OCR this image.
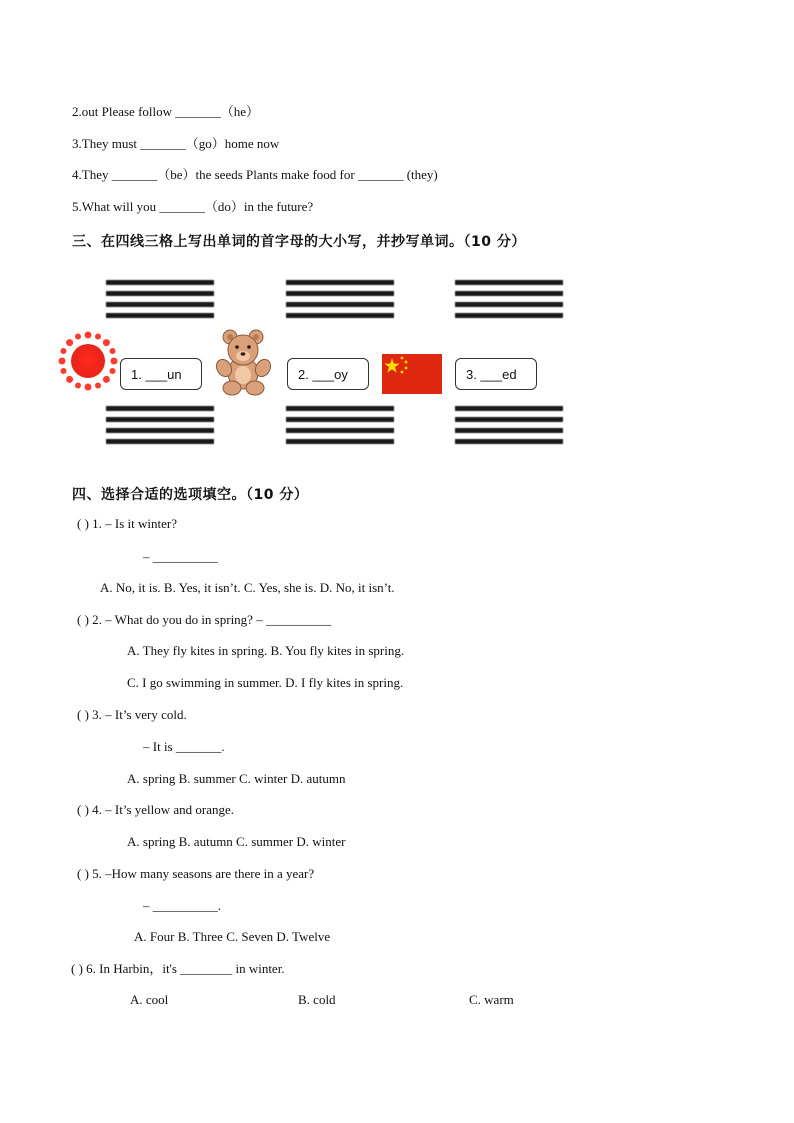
2.out Please follow _______（he）
3.They must _______（go）home now
4.They _______（be）the seeds Plants make food for _______ (they)
5.What will you _______（do）in the future?
三、在四线三格上写出单词的首字母的大小写，并抄写单词。（10 分）
1. ___un	2. ___oy	3. ___ed
四、选择合适的选项填空。（10 分）
( ) 1. – Is it winter?
– __________
A. No, it is. B. Yes, it isn’t. C. Yes, she is. D. No, it isn’t.
( ) 2. – What do you do in spring? – __________
A. They fly kites in spring. B. You fly kites in spring.
C. I go swimming in summer. D. I fly kites in spring.
( ) 3. – It’s very cold.
– It is _______.
A. spring B. summer C. winter D. autumn
( ) 4. – It’s yellow and orange.
A. spring B. autumn C. summer D. winter
( ) 5. –How many seasons are there in a year?
– __________.
A. Four B. Three C. Seven D. Twelve
( ) 6. In Harbin，it's ________ in winter.
A. cool	B. cold	C. warm
